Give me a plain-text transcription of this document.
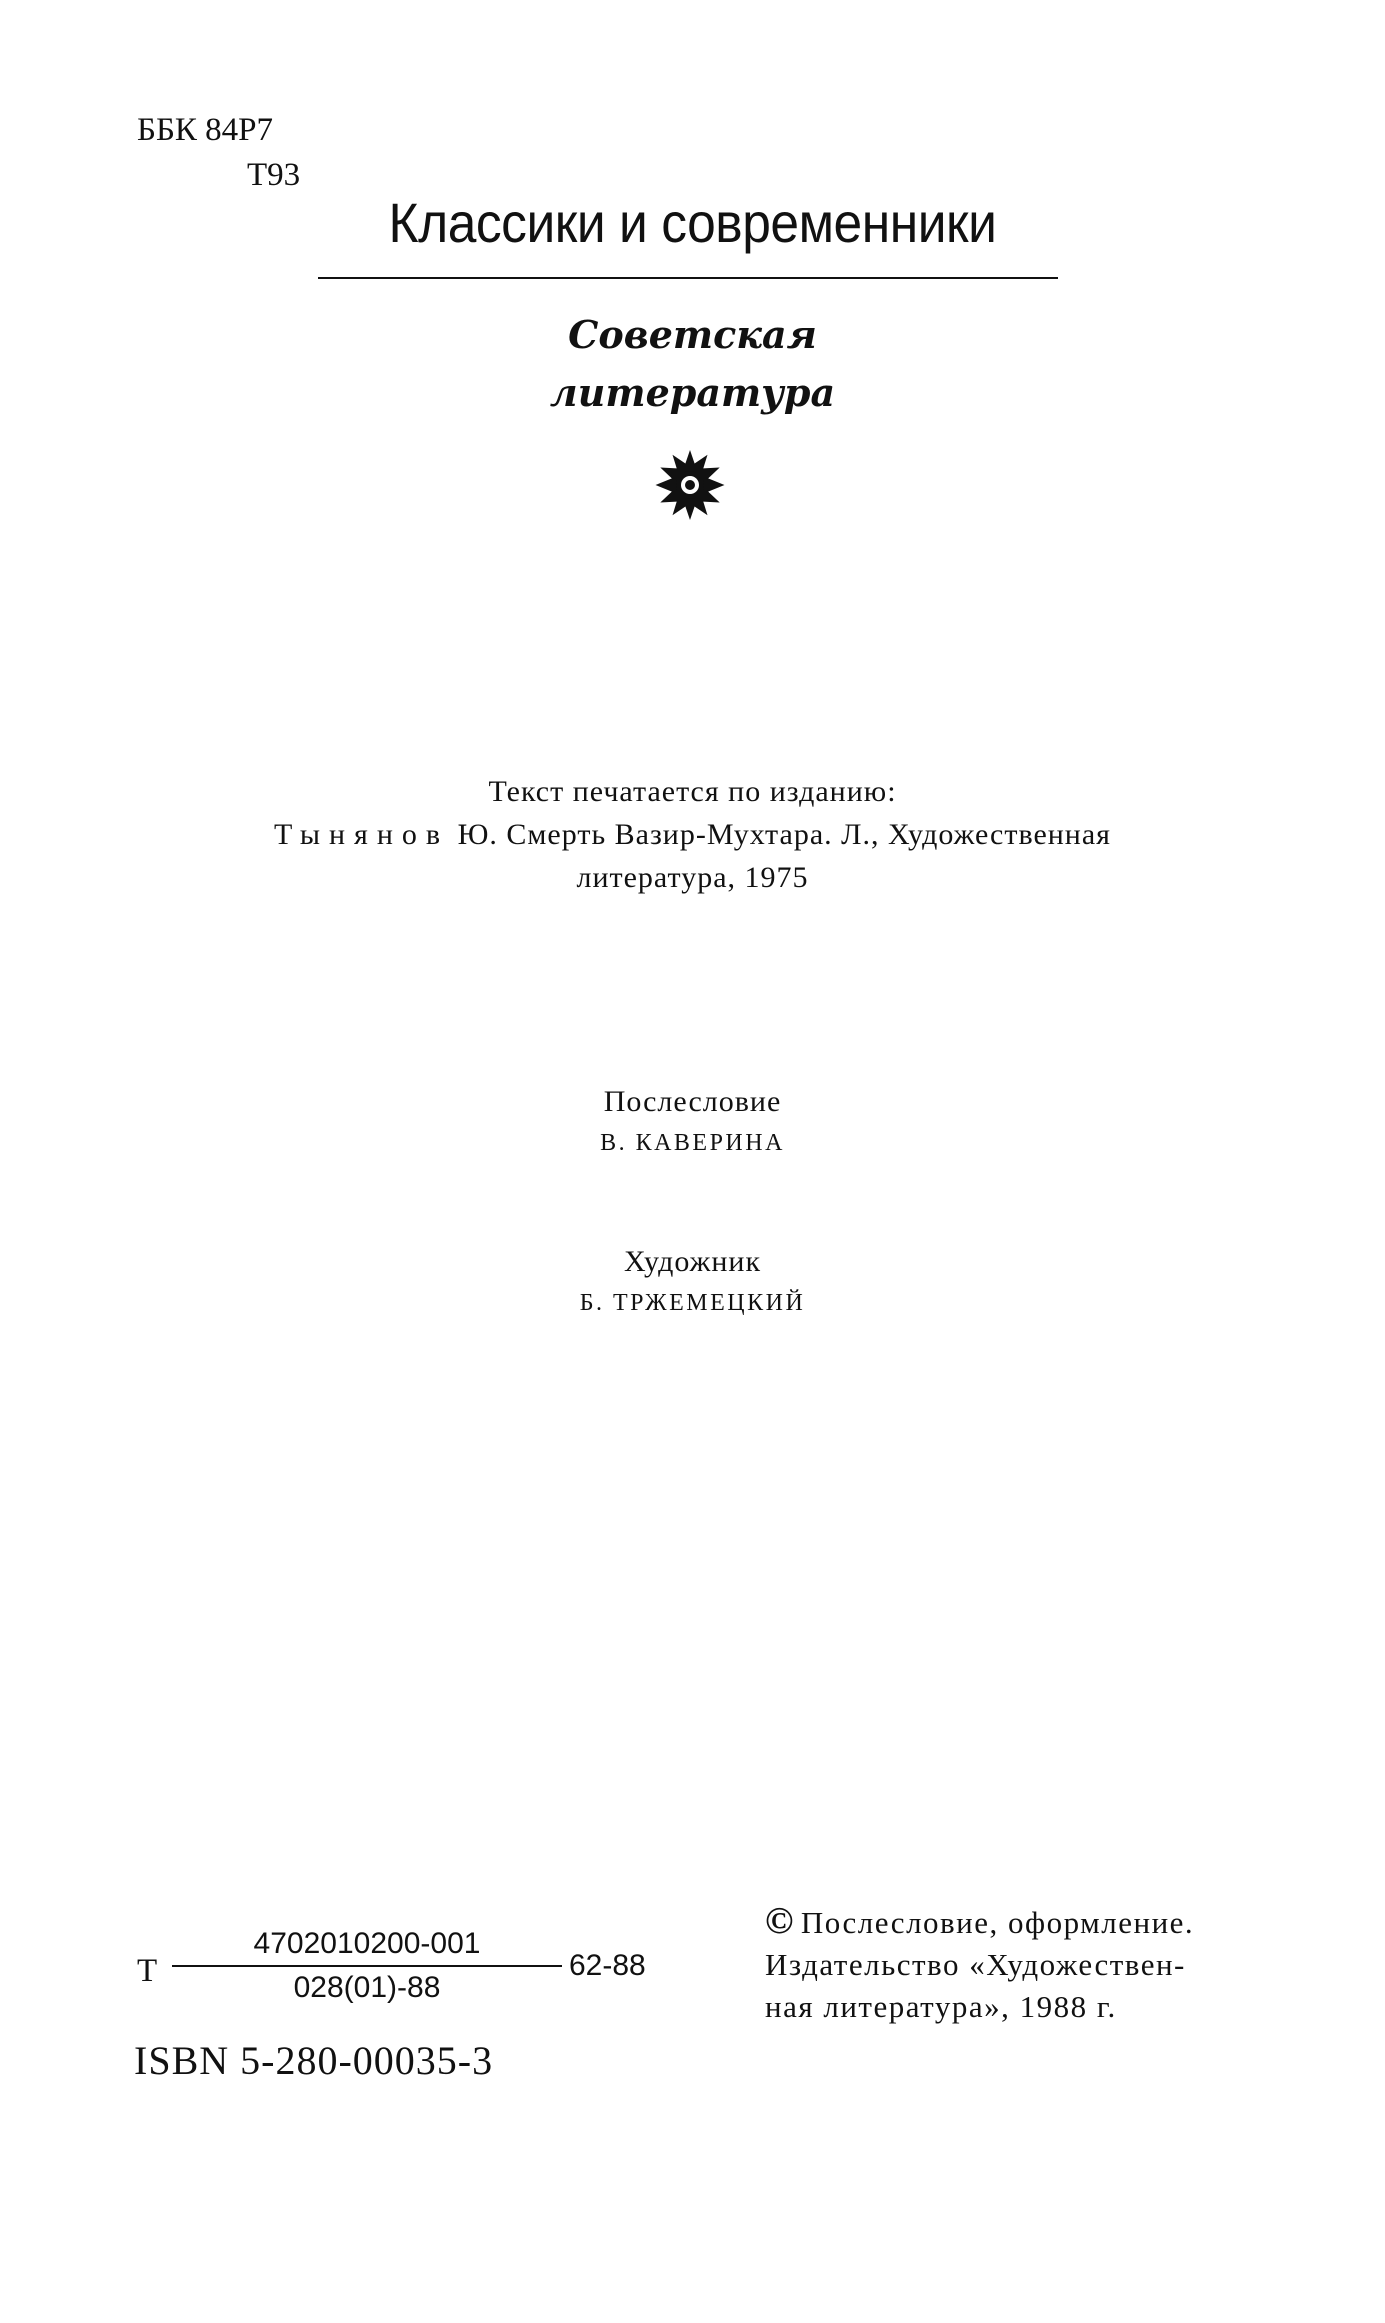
ББК 84Р7
Т93
Классики и современники
Советская
литература
Текст печатается по изданию:
Тынянов Ю. Смерть Вазир-Мухтара. Л., Художественная
литература, 1975
Послесловие
В. КАВЕРИНА
Художник
Б. ТРЖЕМЕЦКИЙ
Т
4702010200-001
028(01)-88
62-88
ISBN 5-280-00035-3
© Послесловие, оформление.
Издательство «Художествен-
ная литература», 1988 г.
